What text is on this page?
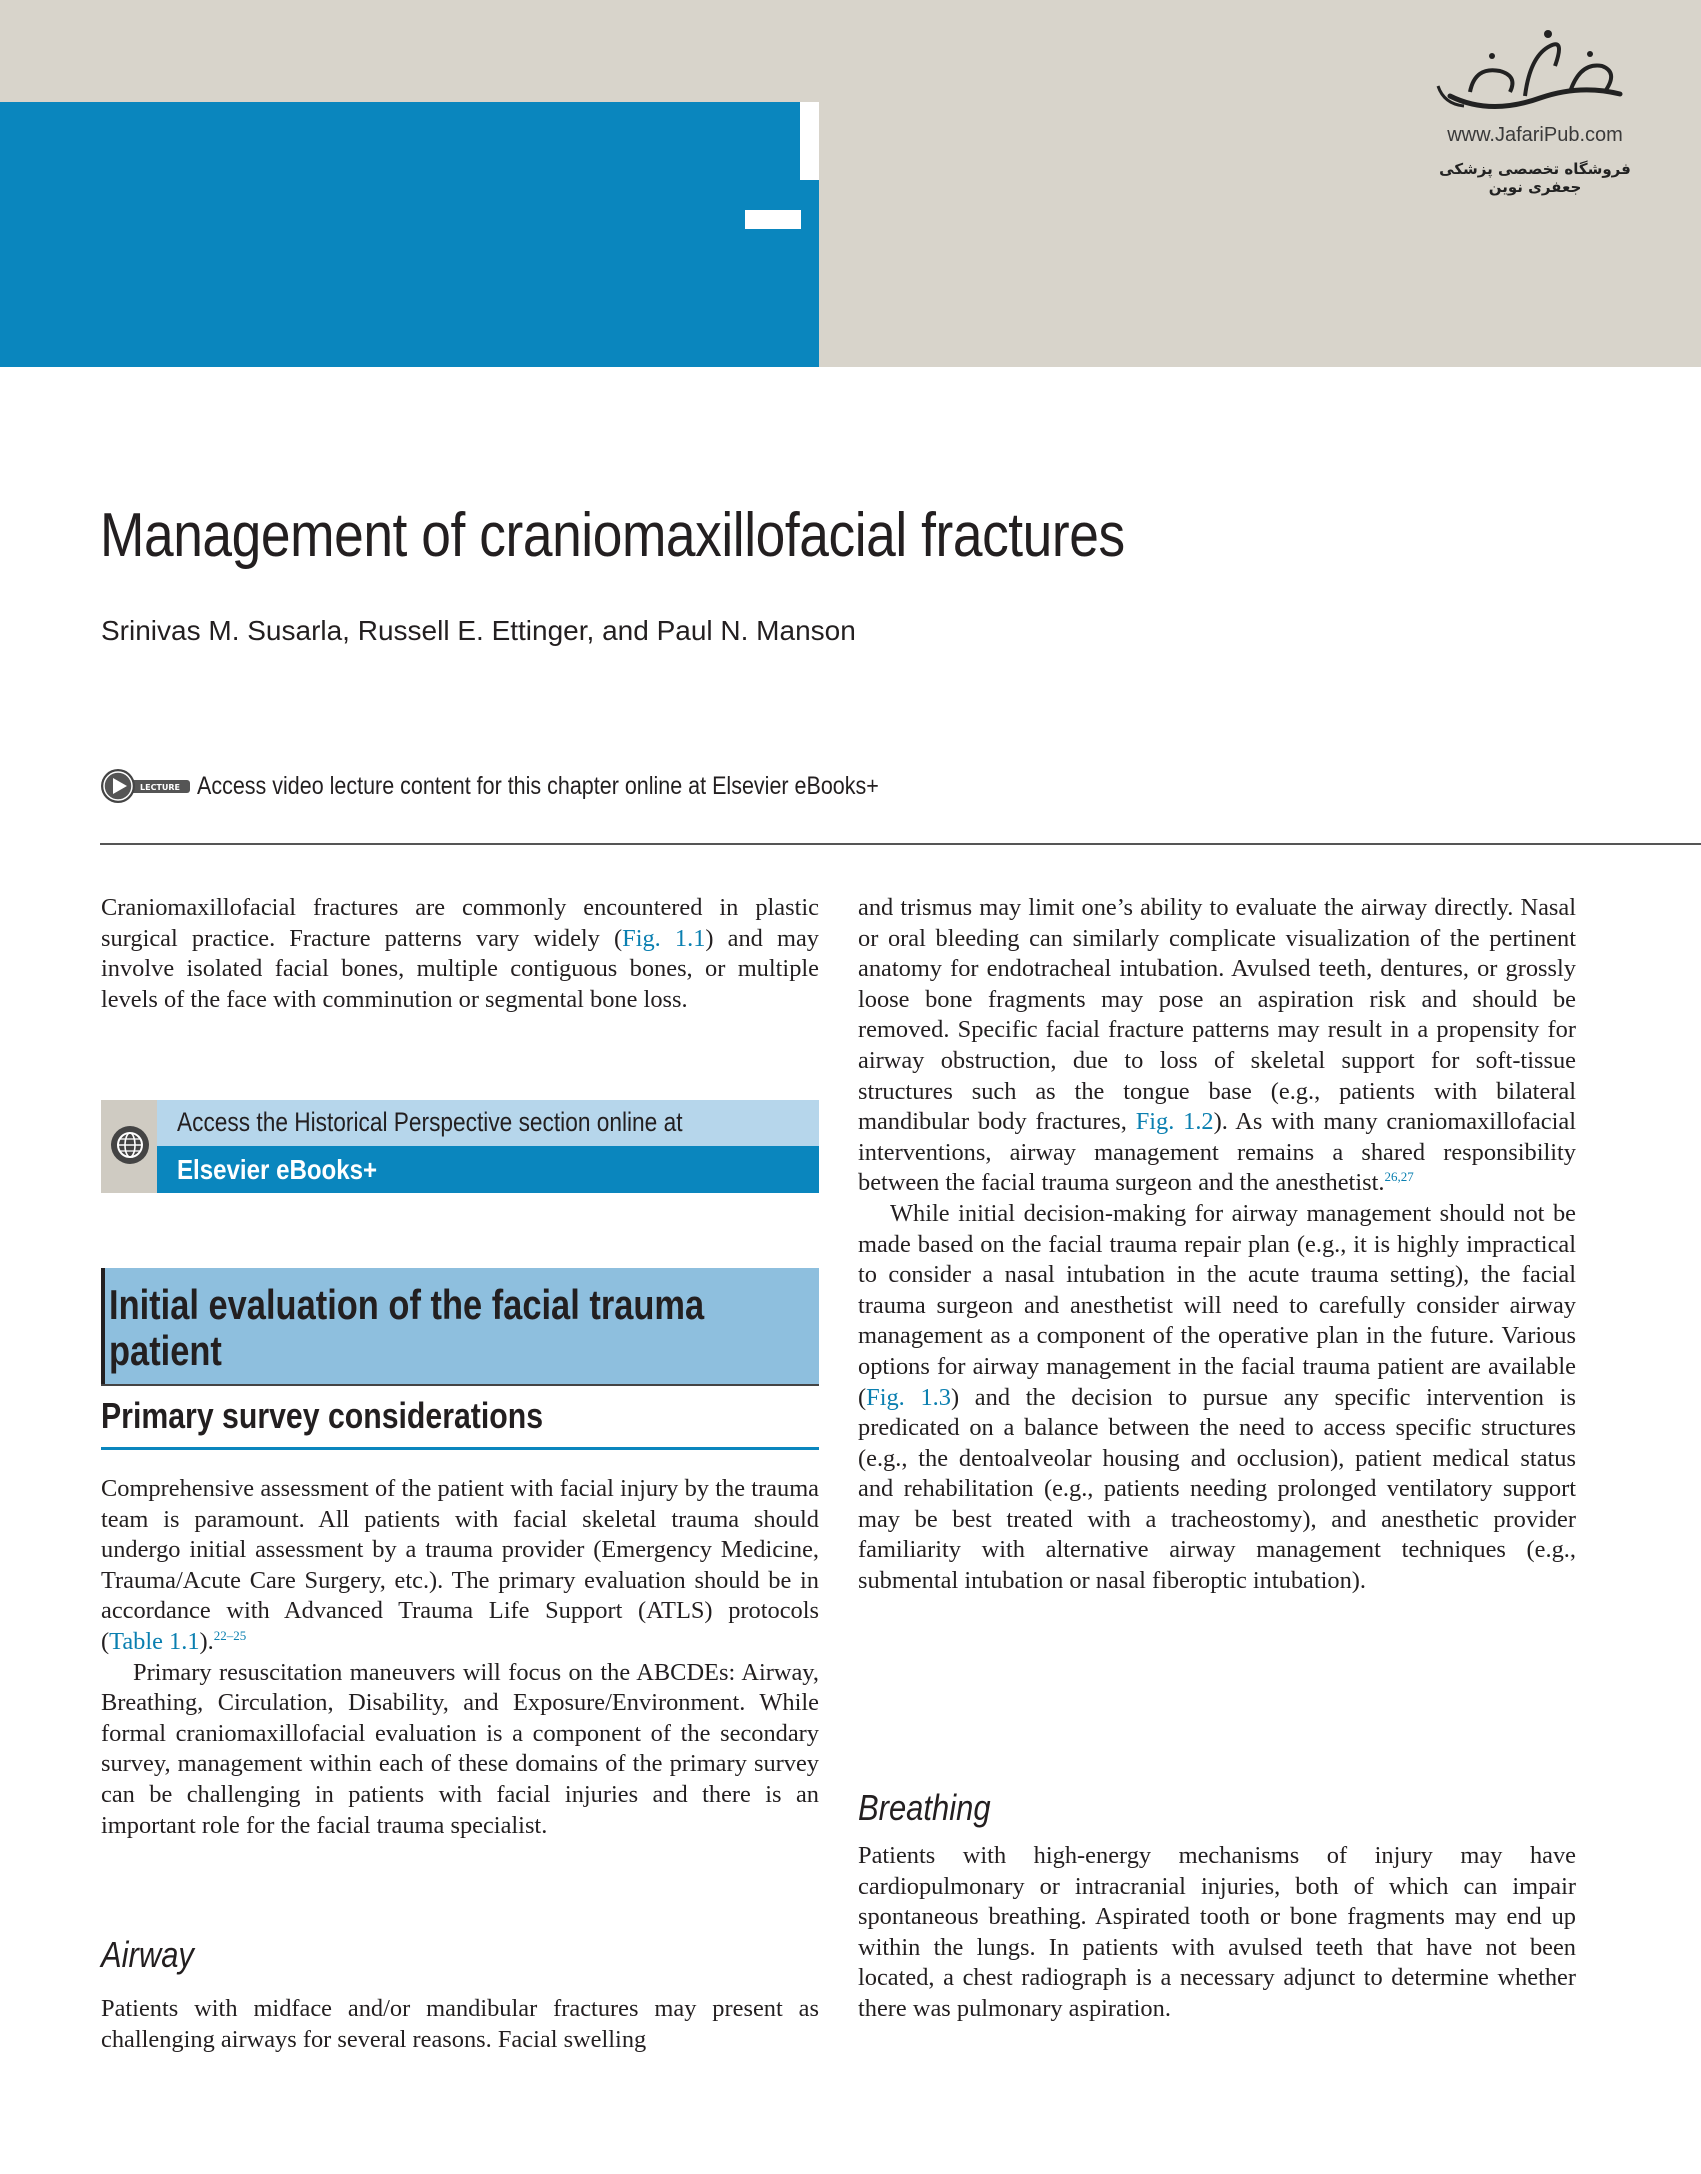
www.JafariPub.com
فروشگاه تخصصی پزشکی جعفری نوین
Management of craniomaxillofacial fractures
Srinivas M. Susarla, Russell E. Ettinger, and Paul N. Manson
LECTURE Access video lecture content for this chapter online at Elsevier eBooks+

Craniomaxillofacial fractures are commonly encountered in plastic surgical practice. Fracture patterns vary widely (Fig. 1.1) and may involve isolated facial bones, multiple contiguous bones, or multiple levels of the face with comminution or segmental bone loss.

Access the Historical Perspective section online at
Elsevier eBooks+
Initial evaluation of the facial trauma patient
Primary survey considerations

Comprehensive assessment of the patient with facial injury by the trauma team is paramount. All patients with facial skeletal trauma should undergo initial assessment by a trauma provider (Emergency Medicine, Trauma/Acute Care Surgery, etc.). The primary evaluation should be in accordance with Advanced Trauma Life Support (ATLS) protocols (Table 1.1).$^{22-25}$

Primary resuscitation maneuvers will focus on the ABCDEs: Airway, Breathing, Circulation, Disability, and Exposure/Environment. While formal craniomaxillofacial evaluation is a component of the secondary survey, management within each of these domains of the primary survey can be challenging in patients with facial injuries and there is an important role for the facial trauma specialist.

Airway

Patients with midface and/or mandibular fractures may present as challenging airways for several reasons. Facial swelling

and trismus may limit one’s ability to evaluate the airway directly. Nasal or oral bleeding can similarly complicate visualization of the pertinent anatomy for endotracheal intubation. Avulsed teeth, dentures, or grossly loose bone fragments may pose an aspiration risk and should be removed. Specific facial fracture patterns may result in a propensity for airway obstruction, due to loss of skeletal support for soft-tissue structures such as the tongue base (e.g., patients with bilateral mandibular body fractures, Fig. 1.2). As with many craniomaxillofacial interventions, airway management remains a shared responsibility between the facial trauma surgeon and the anesthetist.$^{26,27}$

While initial decision-making for airway management should not be made based on the facial trauma repair plan (e.g., it is highly impractical to consider a nasal intubation in the acute trauma setting), the facial trauma surgeon and anesthetist will need to carefully consider airway management as a component of the operative plan in the future. Various options for airway management in the facial trauma patient are available (Fig. 1.3) and the decision to pursue any specific intervention is predicated on a balance between the need to access specific structures (e.g., the dentoalveolar housing and occlusion), patient medical status and rehabilitation (e.g., patients needing prolonged ventilatory support may be best treated with a tracheostomy), and anesthetic provider familiarity with alternative airway management techniques (e.g., submental intubation or nasal fiberoptic intubation).

Breathing

Patients with high-energy mechanisms of injury may have cardiopulmonary or intracranial injuries, both of which can impair spontaneous breathing. Aspirated tooth or bone fragments may end up within the lungs. In patients with avulsed teeth that have not been located, a chest radiograph is a necessary adjunct to determine whether there was pulmonary aspiration.
